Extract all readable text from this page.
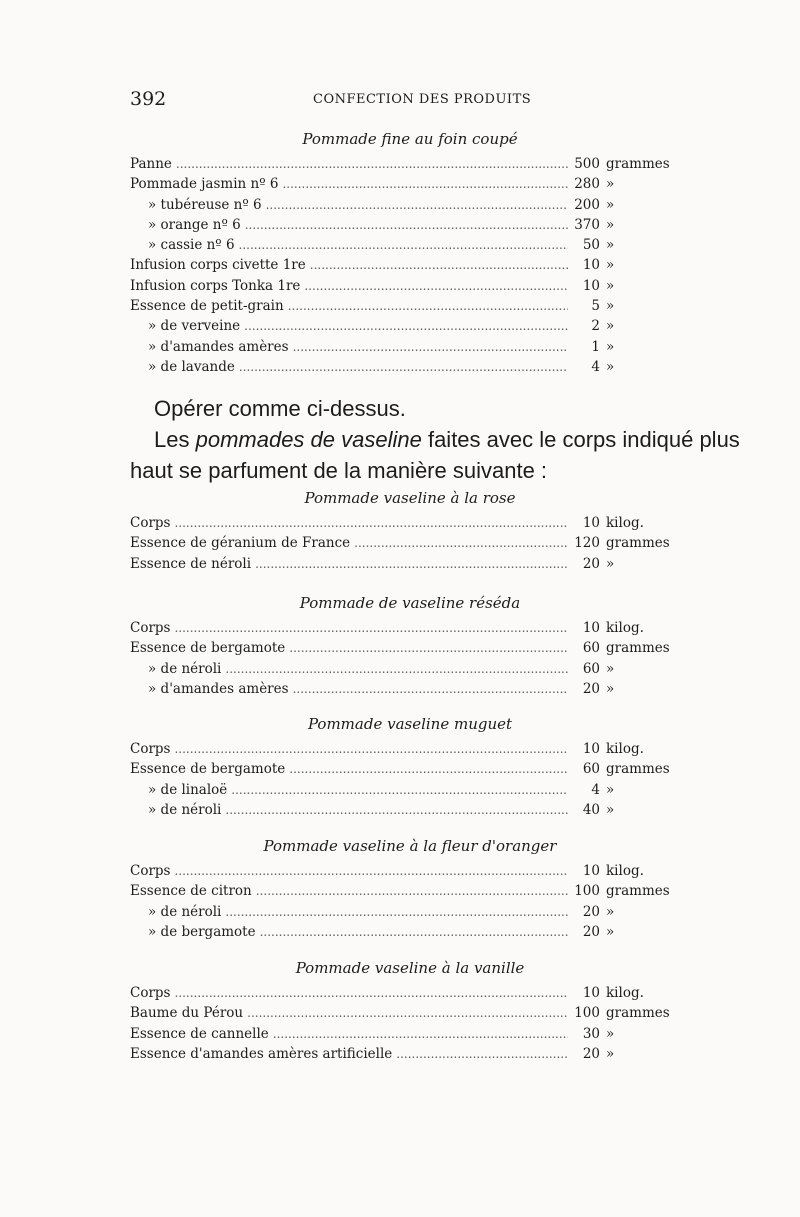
392	CONFECTION DES PRODUITS
Pommade fine au foin coupé
Panne .....	500 grammes
Pommade jasmin nº 6 .....	280 »
» tubéreuse nº 6 .....	200 »
» orange nº 6 .....	370 »
» cassie nº 6 .....	50 »
Infusion corps civette 1re .....	10 »
Infusion corps Tonka 1re .....	10 »
Essence de petit-grain .....	5 »
» de verveine .....	2 »
» d'amandes amères .....	1 »
» de lavande .....	4 »
Opérer comme ci-dessus.
Les pommades de vaseline faites avec le corps indiqué plus
haut se parfument de la manière suivante :
Pommade vaseline à la rose
Corps .....	10 kilog.
Essence de géranium de France .....	120 grammes
Essence de néroli .....	20 »
Pommade de vaseline réséda
Corps .....	10 kilog.
Essence de bergamote .....	60 grammes
» de néroli .....	60 »
» d'amandes amères .....	20 »
Pommade vaseline muguet
Corps .....	10 kilog.
Essence de bergamote .....	60 grammes
» de linaloë .....	4 »
» de néroli .....	40 »
Pommade vaseline à la fleur d'oranger
Corps .....	10 kilog.
Essence de citron .....	100 grammes
» de néroli .....	20 »
» de bergamote .....	20 »
Pommade vaseline à la vanille
Corps .....	10 kilog.
Baume du Pérou .....	100 grammes
Essence de cannelle .....	30 »
Essence d'amandes amères artificielle .....	20 »
